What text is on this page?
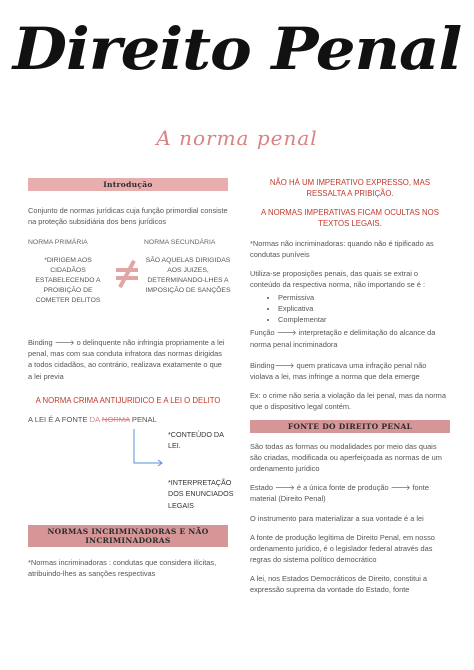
Direito Penal
A norma penal
Introdução

Conjunto de normas jurídicas cuja função primordial consiste na proteção subsidiária dos bens jurídicos

NORMA PRIMÁRIA
*DIRIGEM AOS CIDADÃOS ESTABELECENDO A PROIBIÇÃO DE COMETER DELITOS
NORMA SECUNDÁRIA
SÃO AQUELAS DIRIGIDAS AOS JUIZES, DETERMINANDO-LHES A IMPOSIÇÃO DE SANÇÕES

Binding 🡒 o delinquente não infringia propriamente a lei penal, mas com sua conduta infratora das normas dirigidas a todos cidadãos, ao contrário, realizava exatamente o que a lei previa

A NORMA CRIMA ANTIJURIDICO E A LEI O DELITO

A LEI É A FONTE DA NORMA PENAL
*CONTEÚDO DA LEI.
*INTERPRETAÇÃO DOS ENUNCIADOS LEGAIS
NORMAS INCRIMINADORAS E NÃO INCRIMINADORAS

*Normas incriminadoras : condutas que considera ilícitas, atribuindo-lhes as sanções respectivas

NÃO HÁ UM IMPERATIVO EXPRESSO, MAS RESSALTA A PRIBIÇÃO.

A NORMAS IMPERATIVAS FICAM OCULTAS NOS TEXTOS LEGAIS.

*Normas não incriminadoras: quando não é tipificado as condutas puníveis

Utiliza-se proposições penais, das quais se extrai o conteúdo da respectiva norma, não importando se é :

• Permissiva
• Explicativa
• Complementar

Função 🡒 interpretação e delimitação do alcance da norma penal incriminadora

Binding🡒 quem praticava uma infração penal não violava a lei, mas infringe a norma que dela emerge

Ex: o crime não seria a violação da lei penal, mas da norma que o dispositivo legal contém.

FONTE DO DIREITO PENAL

São todas as formas ou modalidades por meio das quais são criadas, modificada ou aperfeiçoada as normas de um ordenamento jurídico

Estado 🡒 é a única fonte de produção 🡒 fonte material (Direito Penal)

O instrumento para materializar a sua vontade é a lei

A fonte de produção legítima de Direito Penal, em nosso ordenamento jurídico, é o legislador federal através das regras do sistema político democrático

A lei, nos Estados Democráticos de Direito, constitui a expressão suprema da vontade do Estado, fonte
